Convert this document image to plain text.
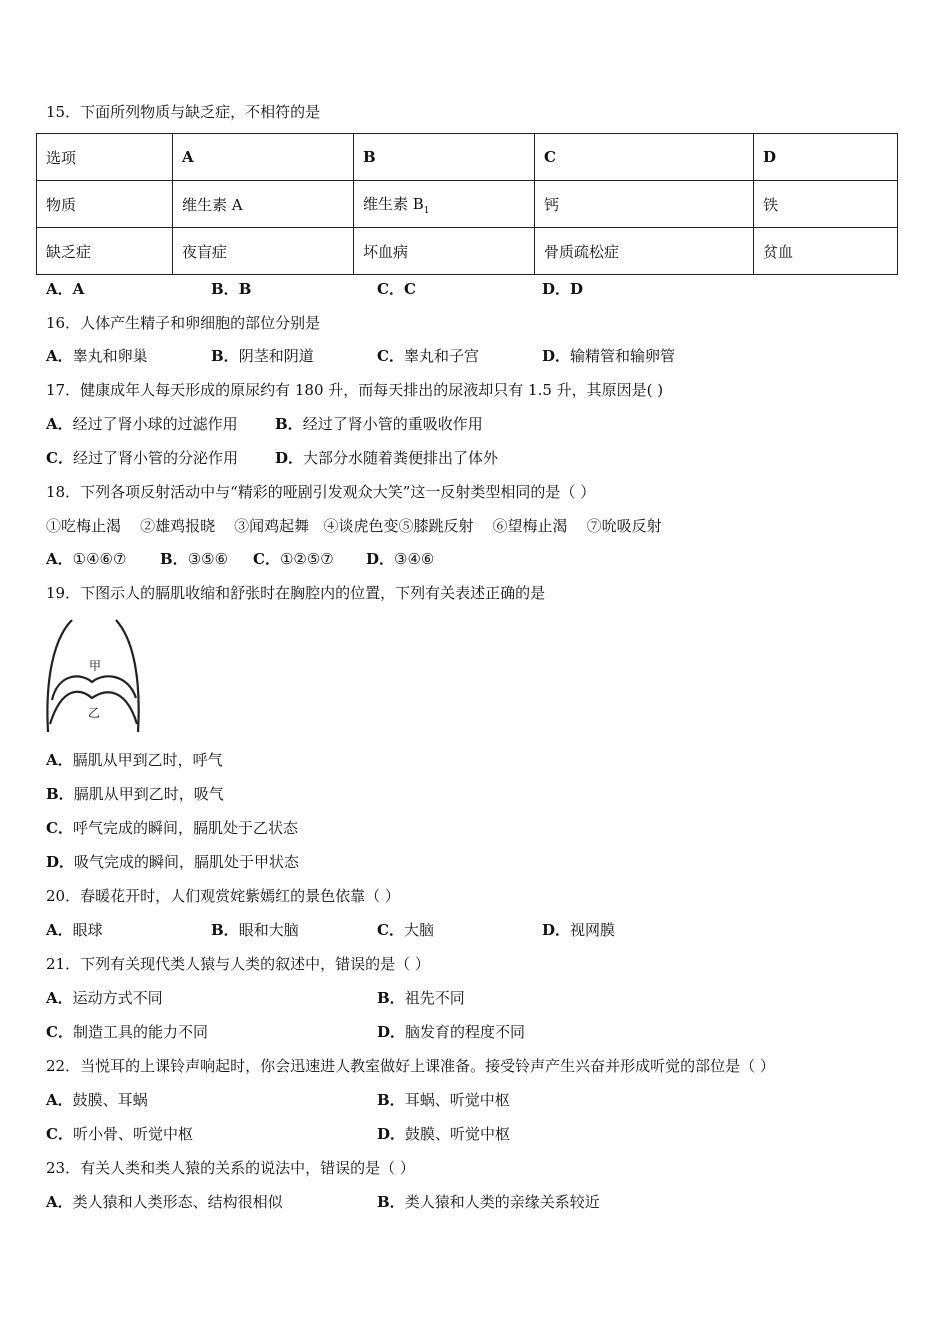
15．下面所列物质与缺乏症，不相符的是
选项	A	B	C	D
物质	维生素 A	维生素 $B_1$	钙	铁
缺乏症	夜盲症	坏血病	骨质疏松症	贫血
A．A	B．B	C．C	D．D
16．人体产生精子和卵细胞的部位分别是
A．睾丸和卵巢	B．阴茎和阴道	C．睾丸和子宫	D．输精管和输卵管
17．健康成年人每天形成的原尿约有 180 升，而每天排出的尿液却只有 1.5 升，其原因是( )
A．经过了肾小球的过滤作用 B．经过了肾小管的重吸收作用
C．经过了肾小管的分泌作用 D．大部分水随着粪便排出了体外
18．下列各项反射活动中与“精彩的哑剧引发观众大笑”这一反射类型相同的是（ ）
①吃梅止渴    ②雄鸡报晓    ③闻鸡起舞   ④谈虎色变⑤膝跳反射    ⑥望梅止渴    ⑦吮吸反射
A．①④⑥⑦ B．③⑤⑥ C．①②⑤⑦ D．③④⑥
19．下图示人的膈肌收缩和舒张时在胸腔内的位置，下列有关表述正确的是
甲
乙
A．膈肌从甲到乙时，呼气
B．膈肌从甲到乙时，吸气
C．呼气完成的瞬间，膈肌处于乙状态
D．吸气完成的瞬间，膈肌处于甲状态
20．春暖花开时，人们观赏姹紫嫣红的景色依靠（ ）
A．眼球	B．眼和大脑	C．大脑	D．视网膜
21．下列有关现代类人猿与人类的叙述中，错误的是（ ）
A．运动方式不同	B．祖先不同
C．制造工具的能力不同	D．脑发育的程度不同
22．当悦耳的上课铃声响起时，你会迅速进人教室做好上课准备。接受铃声产生兴奋并形成听觉的部位是（ ）
A．鼓膜、耳蜗	B．耳蜗、听觉中枢
C．听小骨、听觉中枢	D．鼓膜、听觉中枢
23．有关人类和类人猿的关系的说法中，错误的是（ ）
A．类人猿和人类形态、结构很相似	B．类人猿和人类的亲缘关系较近
